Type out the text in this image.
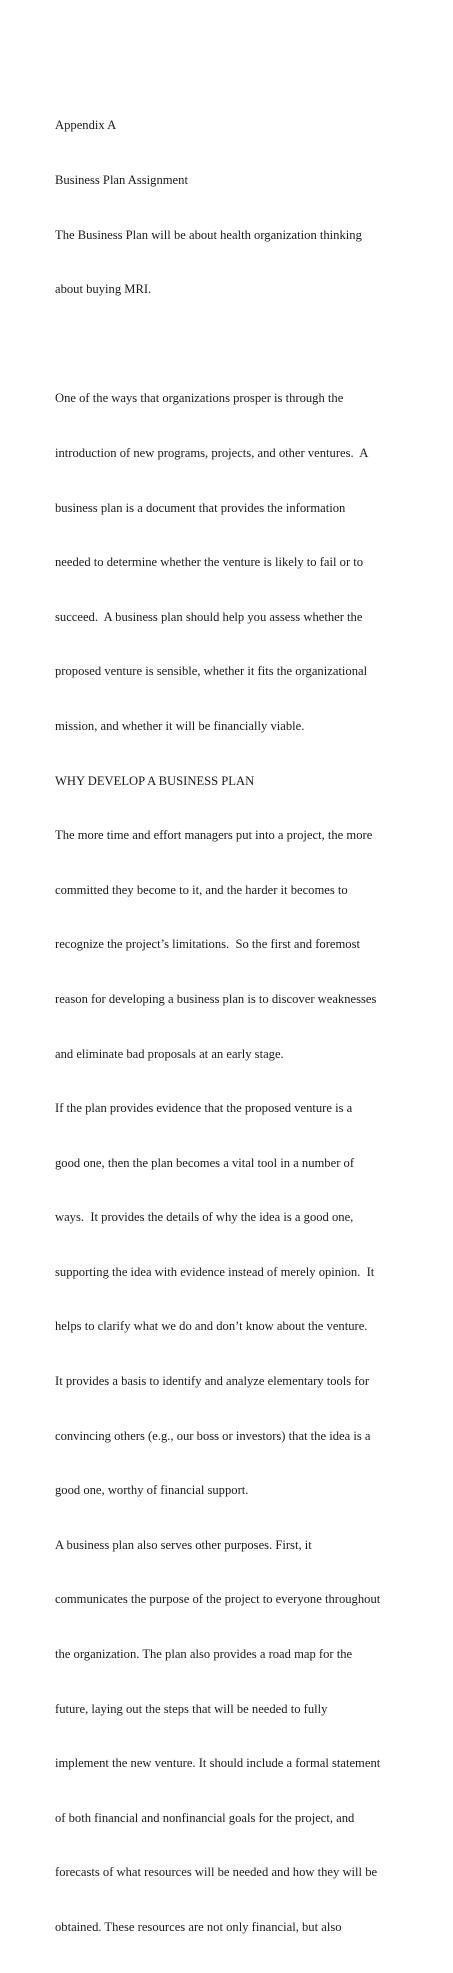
Appendix A

Business Plan Assignment

The Business Plan will be about health organization thinking

about buying MRI.

One of the ways that organizations prosper is through the

introduction of new programs, projects, and other ventures.  A

business plan is a document that provides the information

needed to determine whether the venture is likely to fail or to

succeed.  A business plan should help you assess whether the

proposed venture is sensible, whether it fits the organizational

mission, and whether it will be financially viable.

WHY DEVELOP A BUSINESS PLAN

The more time and effort managers put into a project, the more

committed they become to it, and the harder it becomes to

recognize the project’s limitations.  So the first and foremost

reason for developing a business plan is to discover weaknesses

and eliminate bad proposals at an early stage.

If the plan provides evidence that the proposed venture is a

good one, then the plan becomes a vital tool in a number of

ways.  It provides the details of why the idea is a good one,

supporting the idea with evidence instead of merely opinion.  It

helps to clarify what we do and don’t know about the venture.

It provides a basis to identify and analyze elementary tools for

convincing others (e.g., our boss or investors) that the idea is a

good one, worthy of financial support.

A business plan also serves other purposes. First, it

communicates the purpose of the project to everyone throughout

the organization. The plan also provides a road map for the

future, laying out the steps that will be needed to fully

implement the new venture. It should include a formal statement

of both financial and nonfinancial goals for the project, and

forecasts of what resources will be needed and how they will be

obtained. These resources are not only financial, but also
